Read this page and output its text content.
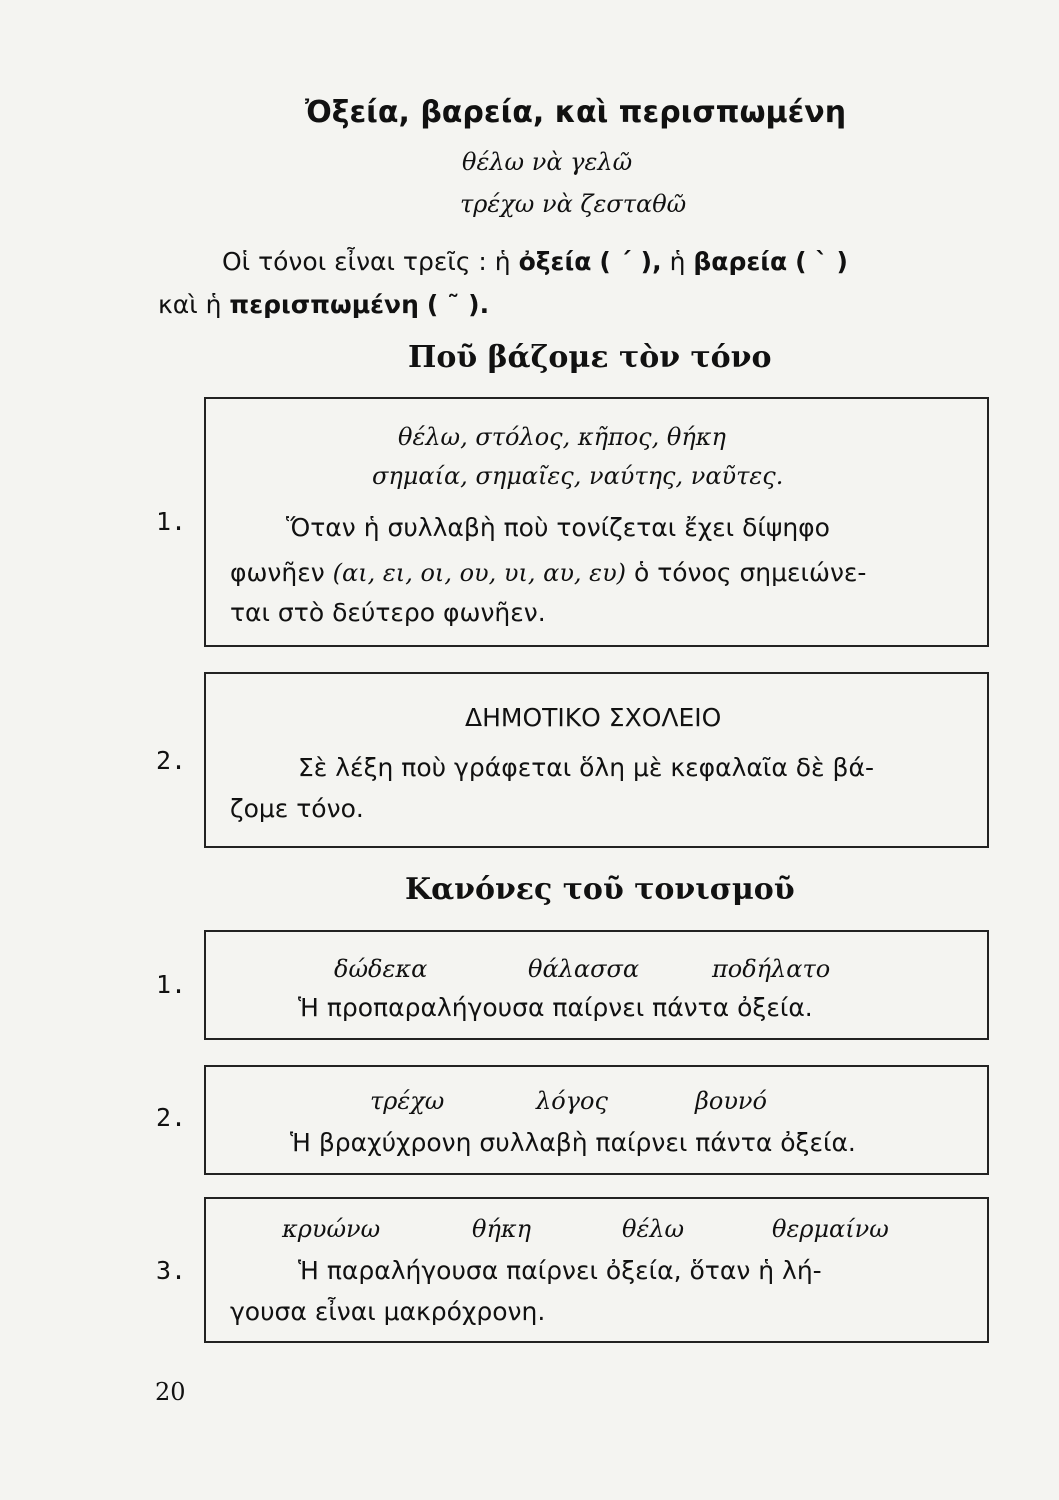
Ὀξεία, βαρεία, καὶ περισπωμένη
θέλω νὰ γελῶ
τρέχω νὰ ζεσταθῶ
Οἱ τόνοι εἶναι τρεῖς : ἡ ὀξεία ( ˊ ), ἡ βαρεία ( ˋ )
καὶ ἡ περισπωμένη ( ῀ ).
Ποῦ βάζομε τὸν τόνο
θέλω, στόλος, κῆπος, θήκη
σημαία, σημαῖες, ναύτης, ναῦτες.
1.	Ὅταν ἡ συλλαβὴ ποὺ τονίζεται ἔχει δίψηφο
φωνῆεν (αι, ει, οι, ου, υι, αυ, ευ) ὁ τόνος σημειώνε-
ται στὸ δεύτερο φωνῆεν.
ΔΗΜΟΤΙΚΟ ΣΧΟΛΕΙΟ
2.	Σὲ λέξη ποὺ γράφεται ὅλη μὲ κεφαλαῖα δὲ βά-
ζομε τόνο.
Κανόνες τοῦ τονισμοῦ
1.
δώδεκα	θάλασσα	ποδήλατο
Ἡ προπαραλήγουσα παίρνει πάντα ὀξεία.
2.
τρέχω	λόγος	βουνό
Ἡ βραχύχρονη συλλαβὴ παίρνει πάντα ὀξεία.
3.
κρυώνω	θήκη	θέλω	θερμαίνω
Ἡ παραλήγουσα παίρνει ὀξεία, ὅταν ἡ λή-
γουσα εἶναι μακρόχρονη.
20
